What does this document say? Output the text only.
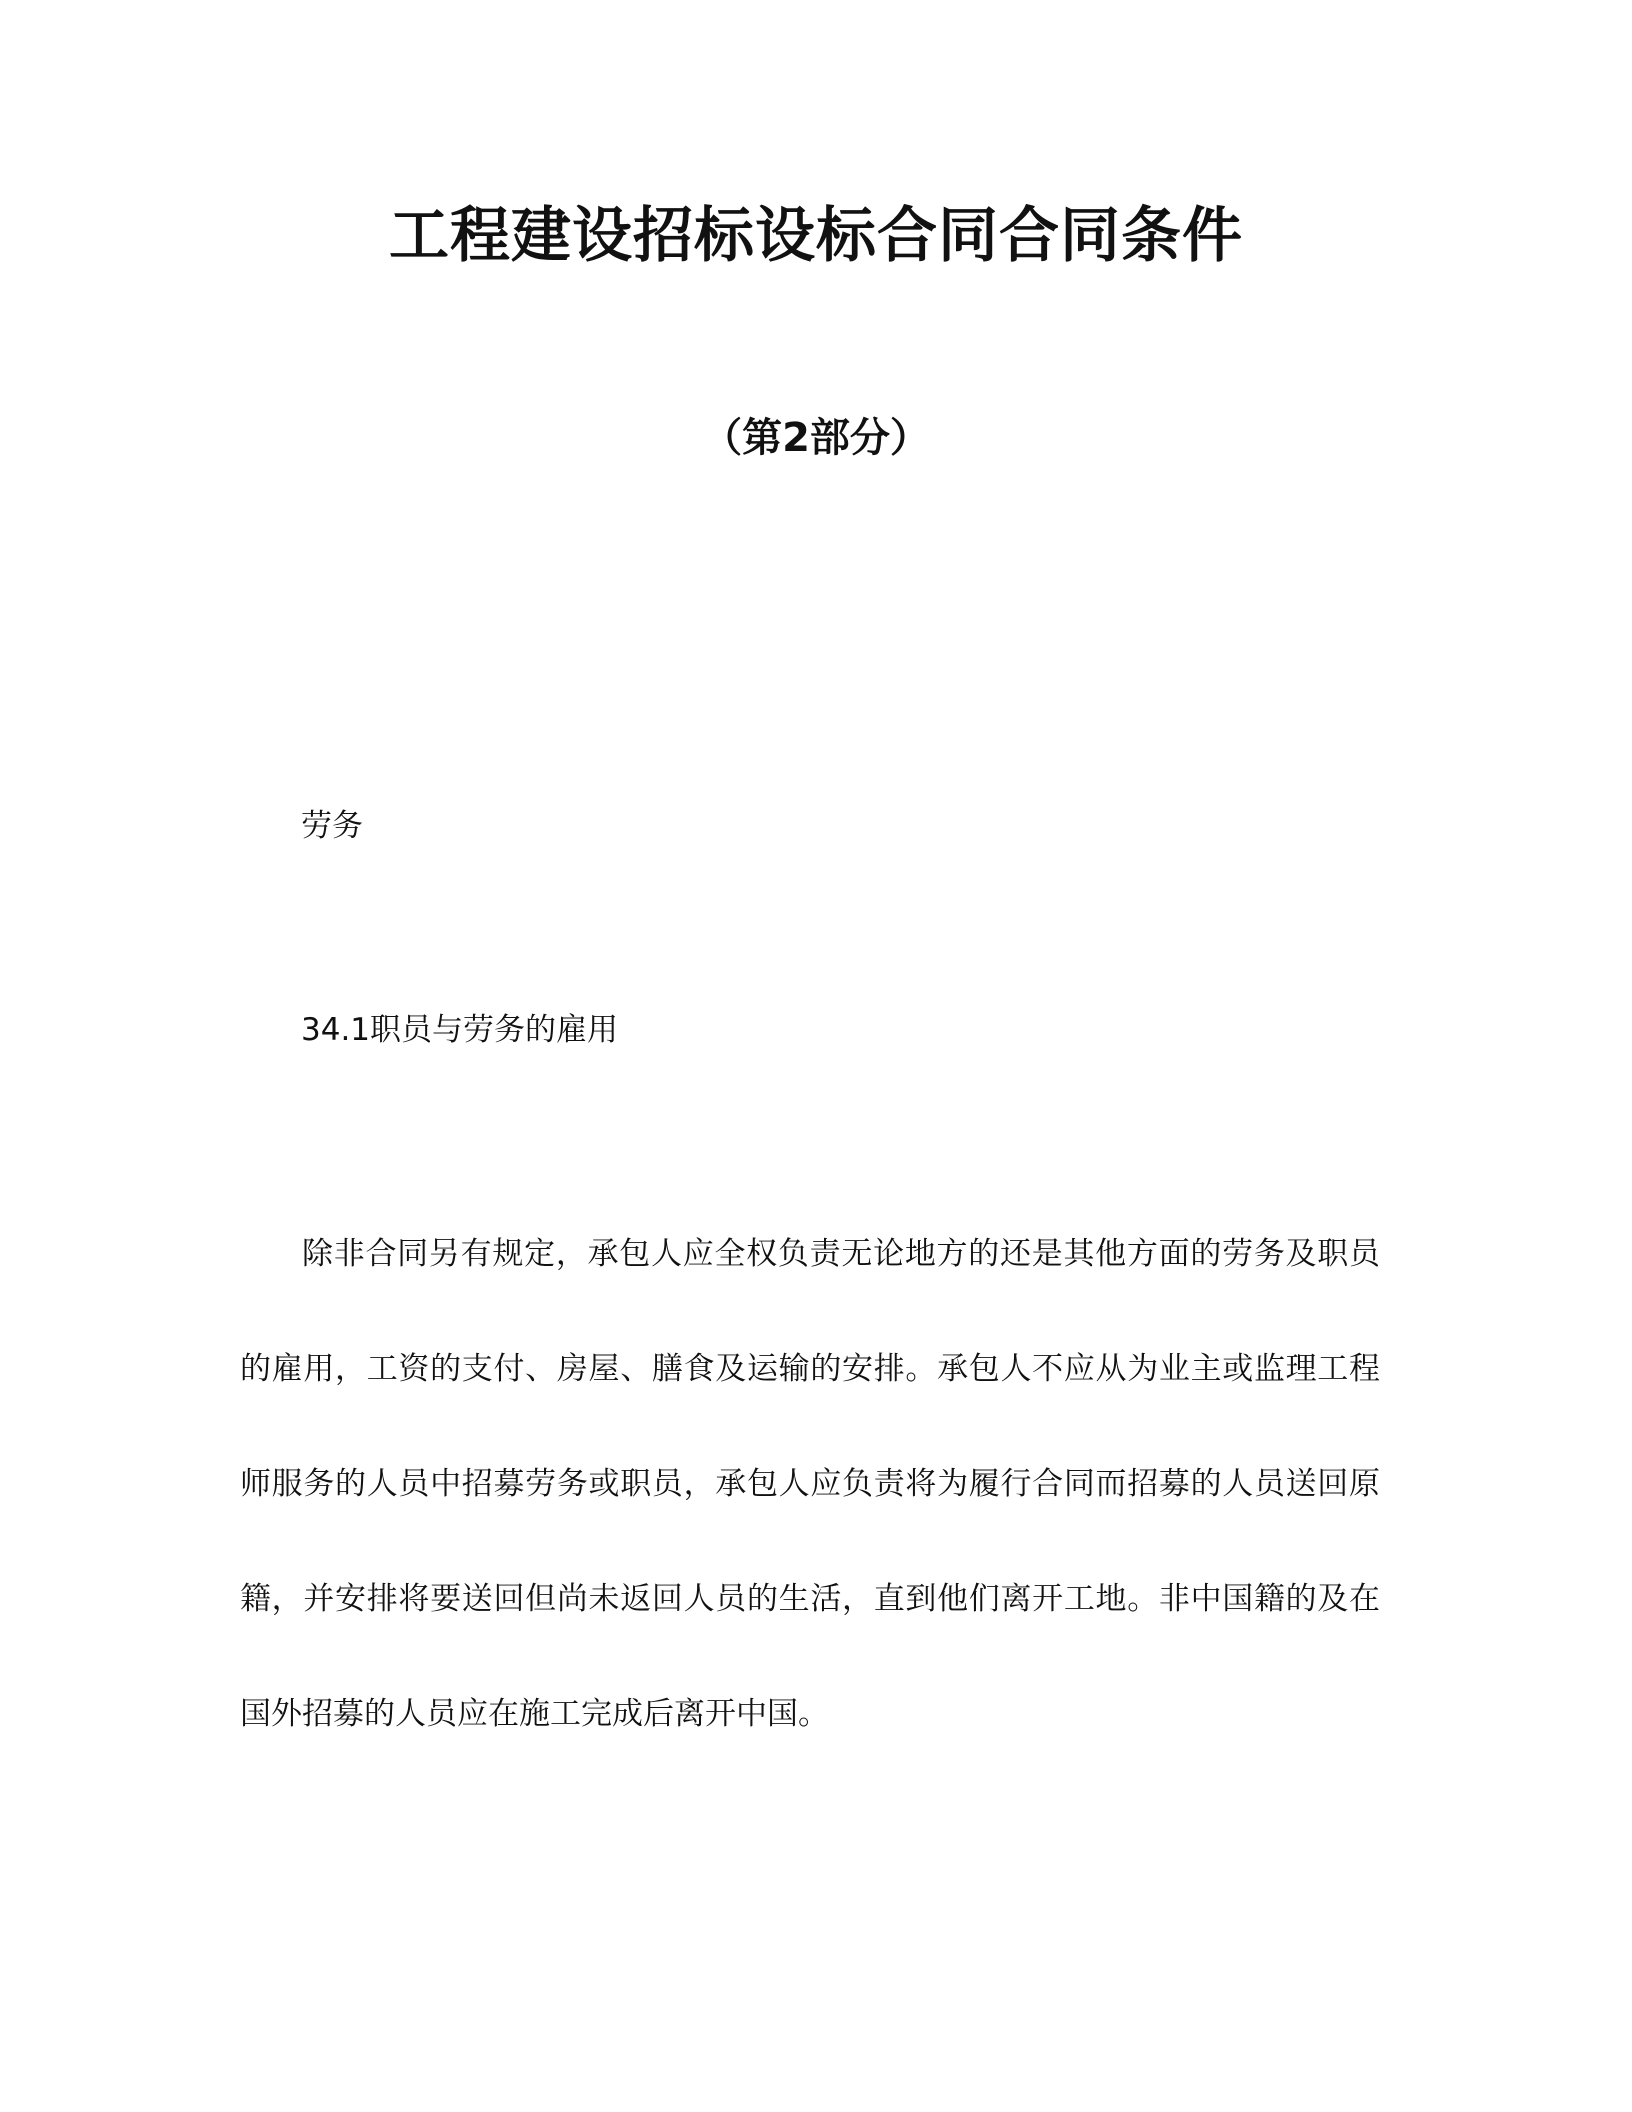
工程建设招标设标合同合同条件
（第2部分）
劳务
34.1职员与劳务的雇用

除非合同另有规定，承包人应全权负责无论地方的还是其他方面的劳务及职员的雇用，工资的支付、房屋、膳食及运输的安排。承包人不应从为业主或监理工程师服务的人员中招募劳务或职员，承包人应负责将为履行合同而招募的人员送回原籍，并安排将要送回但尚未返回人员的生活，直到他们离开工地。非中国籍的及在国外招募的人员应在施工完成后离开中国。
